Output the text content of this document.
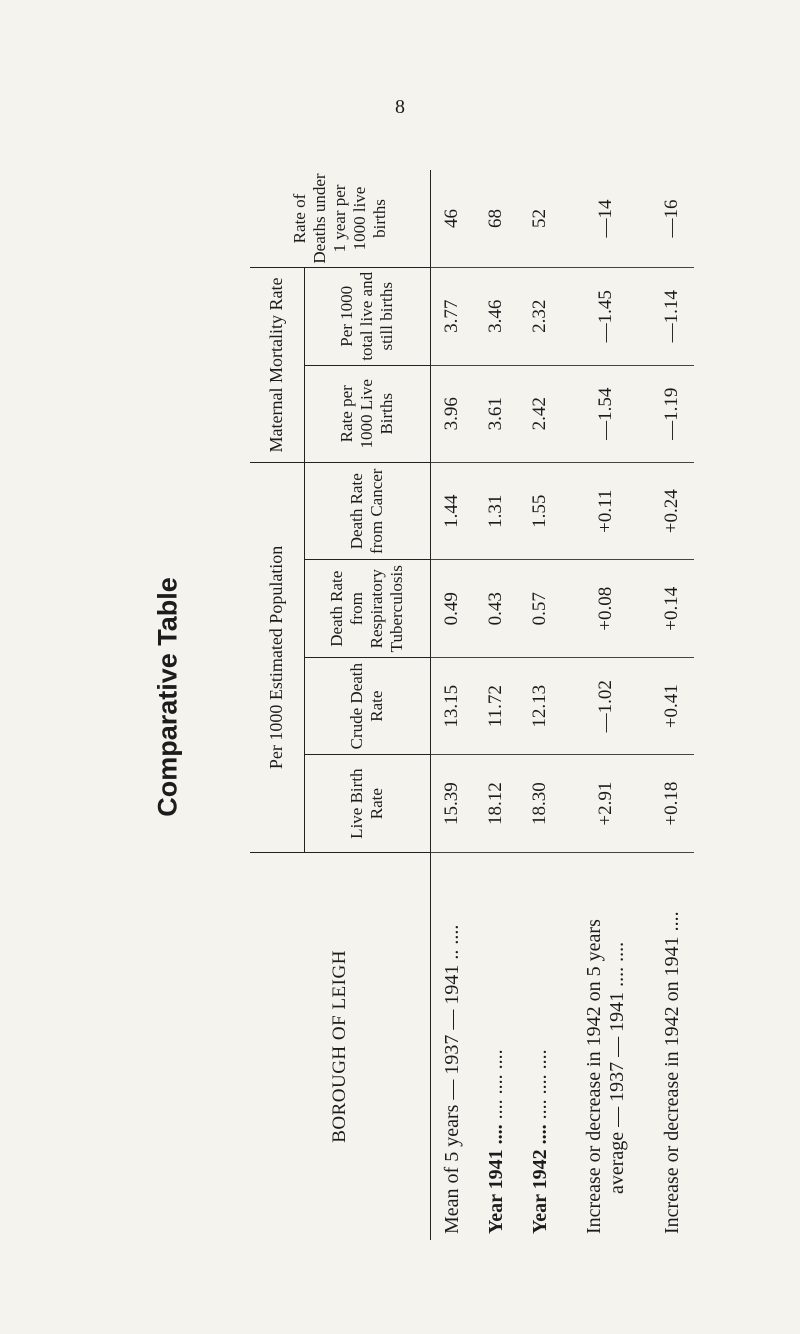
8
Comparative Table
BOROUGH OF LEIGH	Per 1000 Estimated Population				Maternal Mortality Rate		Rate of Deaths under 1 year per 1000 live births
	Live Birth Rate	Crude Death Rate	Death Rate from Respiratory Tuberculosis	Death Rate from Cancer	Rate per 1000 Live Births	Per 1000 total live and still births	
Mean of 5 years — 1937 — 1941 .. ....	15.39	13.15	0.49	1.44	3.96	3.77	46
Year 1941 .... .... .... ....	18.12	11.72	0.43	1.31	3.61	3.46	68
Year 1942 .... .... .... ....	18.30	12.13	0.57	1.55	2.42	2.32	52

Increase or decrease in 1942 on 5 years average — 1937 — 1941 .... ....	+2.91	—1.02	+0.08	+0.11	—1.54	—1.45	—14
Increase or decrease in 1942 on 1941 ....	+0.18	+0.41	+0.14	+0.24	—1.19	—1.14	—16
